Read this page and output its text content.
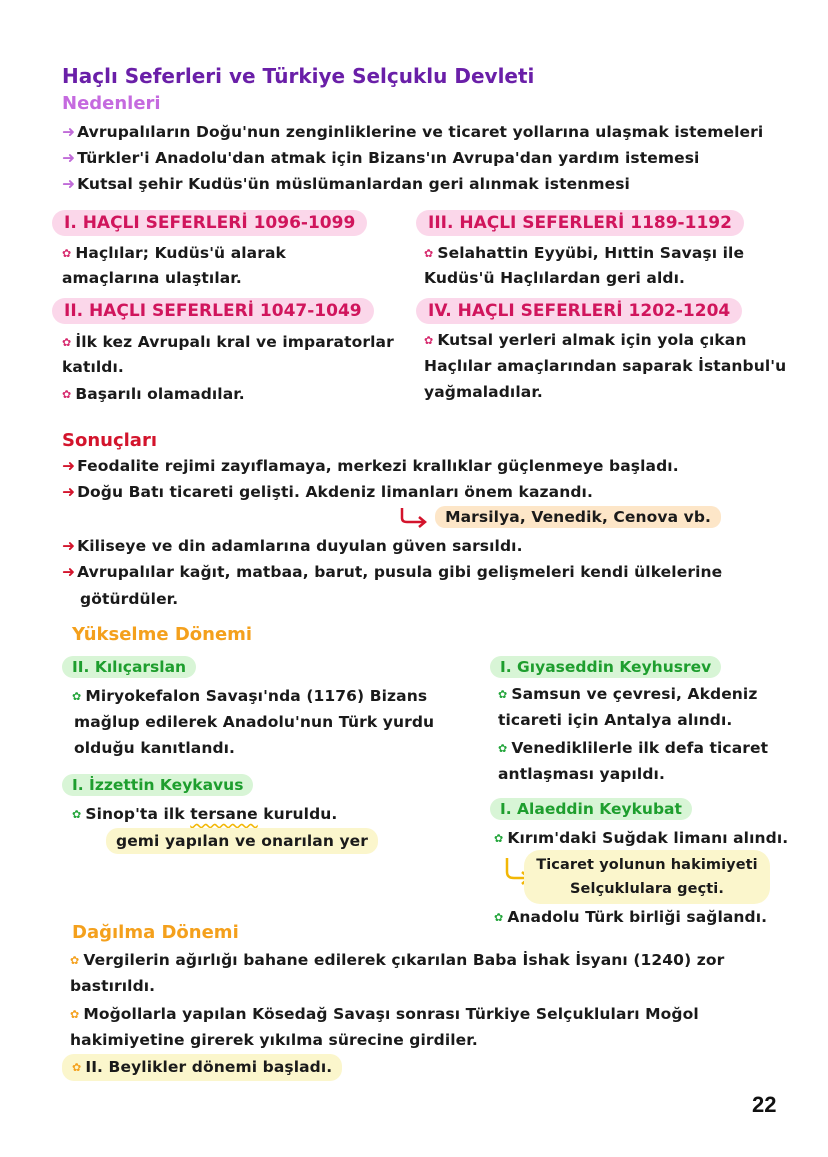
Haçlı Seferleri ve Türkiye Selçuklu Devleti
Nedenleri
➜ Avrupalıların Doğu'nun zenginliklerine ve ticaret yollarına ulaşmak istemeleri
➜ Türkler'i Anadolu'dan atmak için Bizans'ın Avrupa'dan yardım istemesi
➜ Kutsal şehir Kudüs'ün müslümanlardan geri alınmak istenmesi
I. HAÇLI SEFERLERİ 1096-1099
✿ Haçlılar; Kudüs'ü alarak
amaçlarına ulaştılar.
II. HAÇLI SEFERLERİ 1047-1049
✿ İlk kez Avrupalı kral ve imparatorlar
katıldı.
✿ Başarılı olamadılar.
III. HAÇLI SEFERLERİ 1189-1192
✿ Selahattin Eyyübi, Hıttin Savaşı ile
Kudüs'ü Haçlılardan geri aldı.
IV. HAÇLI SEFERLERİ 1202-1204
✿ Kutsal yerleri almak için yola çıkan
Haçlılar amaçlarından saparak İstanbul'u
yağmaladılar.
Sonuçları
➜ Feodalite rejimi zayıflamaya, merkezi krallıklar güçlenmeye başladı.
➜ Doğu Batı ticareti gelişti. Akdeniz limanları önem kazandı.
Marsilya, Venedik, Cenova vb.
➜ Kiliseye ve din adamlarına duyulan güven sarsıldı.
➜ Avrupalılar kağıt, matbaa, barut, pusula gibi gelişmeleri kendi ülkelerine
götürdüler.
Yükselme Dönemi
II. Kılıçarslan
✿ Miryokefalon Savaşı'nda (1176) Bizans
mağlup edilerek Anadolu'nun Türk yurdu
olduğu kanıtlandı.
I. İzzettin Keykavus
✿ Sinop'ta ilk tersane kuruldu.
gemi yapılan ve onarılan yer
I. Gıyaseddin Keyhusrev
✿ Samsun ve çevresi, Akdeniz
ticareti için Antalya alındı.
✿ Venediklilerle ilk defa ticaret
antlaşması yapıldı.
I. Alaeddin Keykubat
✿ Kırım'daki Suğdak limanı alındı.
Ticaret yolunun hakimiyeti
Selçuklulara geçti.
✿ Anadolu Türk birliği sağlandı.
Dağılma Dönemi
✿ Vergilerin ağırlığı bahane edilerek çıkarılan Baba İshak İsyanı (1240) zor
bastırıldı.
✿ Moğollarla yapılan Kösedağ Savaşı sonrası Türkiye Selçukluları Moğol
hakimiyetine girerek yıkılma sürecine girdiler.
✿ II. Beylikler dönemi başladı.
22
